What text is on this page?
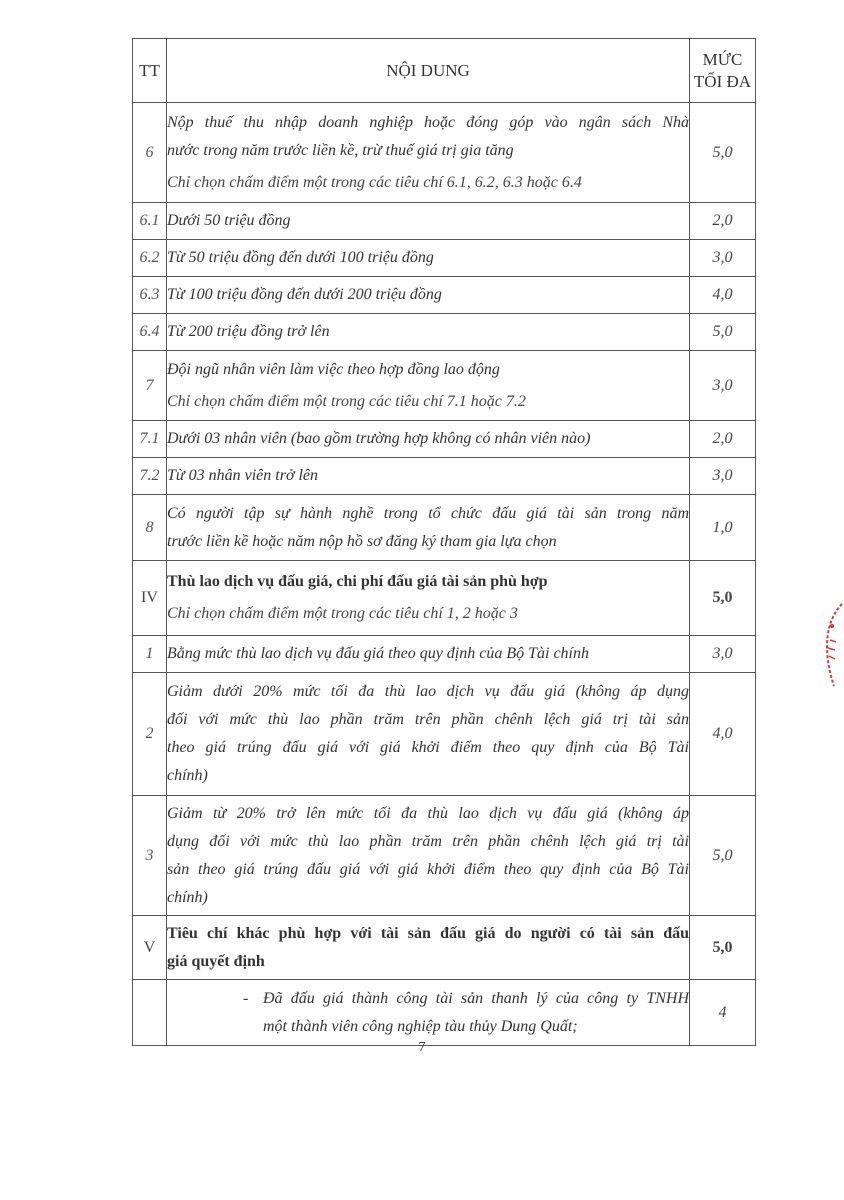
TT	NỘI DUNG	MỨC
TỐI ĐA
6	Nộp thuế thu nhập doanh nghiệp hoặc đóng góp vào ngân sách Nhà
nước trong năm trước liền kề, trừ thuế giá trị gia tăng
Chỉ chọn chấm điểm một trong các tiêu chí 6.1, 6.2, 6.3 hoặc 6.4	5,0
6.1	Dưới 50 triệu đồng	2,0
6.2	Từ 50 triệu đồng đến dưới 100 triệu đồng	3,0
6.3	Từ 100 triệu đồng đến dưới 200 triệu đồng	4,0
6.4	Từ 200 triệu đồng trở lên	5,0
7	Đội ngũ nhân viên làm việc theo hợp đồng lao động
Chỉ chọn chấm điểm một trong các tiêu chí 7.1 hoặc 7.2	3,0
7.1	Dưới 03 nhân viên (bao gồm trường hợp không có nhân viên nào)	2,0
7.2	Từ 03 nhân viên trở lên	3,0
8	Có người tập sự hành nghề trong tổ chức đấu giá tài sản trong năm
trước liền kề hoặc năm nộp hồ sơ đăng ký tham gia lựa chọn	1,0
IV	Thù lao dịch vụ đấu giá, chi phí đấu giá tài sản phù hợp
Chỉ chọn chấm điểm một trong các tiêu chí 1, 2 hoặc 3	5,0
1	Bằng mức thù lao dịch vụ đấu giá theo quy định của Bộ Tài chính	3,0
2	Giảm dưới 20% mức tối đa thù lao dịch vụ đấu giá (không áp dụng
đối với mức thù lao phần trăm trên phần chênh lệch giá trị tài sản
theo giá trúng đấu giá với giá khởi điểm theo quy định của Bộ Tài
chính)	4,0
3	Giảm từ 20% trở lên mức tối đa thù lao dịch vụ đấu giá (không áp
dụng đối với mức thù lao phần trăm trên phần chênh lệch giá trị tài
sản theo giá trúng đấu giá với giá khởi điểm theo quy định của Bộ Tài
chính)	5,0
V	Tiêu chí khác phù hợp với tài sản đấu giá do người có tài sản đấu
giá quyết định	5,0

	- Đã đấu giá thành công tài sản thanh lý của công ty TNHH
một thành viên công nghiệp tàu thủy Dung Quất;	4
7
